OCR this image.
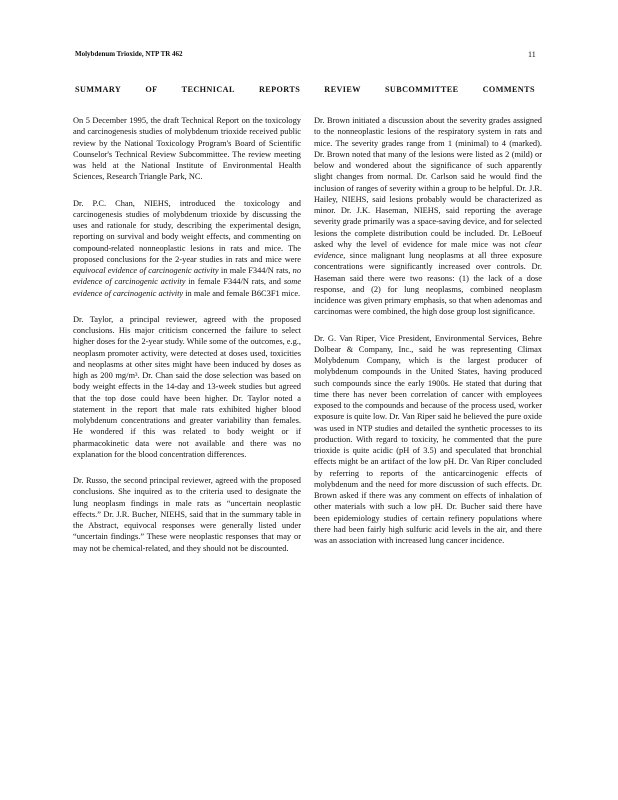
Molybdenum Trioxide, NTP TR 462	11
SUMMARY	OF	TECHNICAL	REPORTS	REVIEW	SUBCOMMITTEE	COMMENTS

On 5 December 1995, the draft Technical Report on the toxicology and carcinogenesis studies of molybdenum trioxide received public review by the National Toxicology Program's Board of Scientific Counselor's Technical Review Subcommittee. The review meeting was held at the National Institute of Environmental Health Sciences, Research Triangle Park, NC.

Dr. P.C. Chan, NIEHS, introduced the toxicology and carcinogenesis studies of molybdenum trioxide by discussing the uses and rationale for study, describing the experimental design, reporting on survival and body weight effects, and commenting on compound-related nonneoplastic lesions in rats and mice. The proposed conclusions for the 2-year studies in rats and mice were equivocal evidence of carcinogenic activity in male F344/N rats, no evidence of carcinogenic activity in female F344/N rats, and some evidence of carcinogenic activity in male and female B6C3F1 mice.

Dr. Taylor, a principal reviewer, agreed with the proposed conclusions. His major criticism concerned the failure to select higher doses for the 2-year study. While some of the outcomes, e.g., neoplasm promoter activity, were detected at doses used, toxicities and neoplasms at other sites might have been induced by doses as high as 200 mg/m³. Dr. Chan said the dose selection was based on body weight effects in the 14-day and 13-week studies but agreed that the top dose could have been higher. Dr. Taylor noted a statement in the report that male rats exhibited higher blood molybdenum concentrations and greater variability than females. He wondered if this was related to body weight or if pharmacokinetic data were not available and there was no explanation for the blood concentration differences.

Dr. Russo, the second principal reviewer, agreed with the proposed conclusions. She inquired as to the criteria used to designate the lung neoplasm findings in male rats as “uncertain neoplastic effects.” Dr. J.R. Bucher, NIEHS, said that in the summary table in the Abstract, equivocal responses were generally listed under “uncertain findings.” These were neoplastic responses that may or may not be chemical-related, and they should not be discounted.

Dr. Brown initiated a discussion about the severity grades assigned to the nonneoplastic lesions of the respiratory system in rats and mice. The severity grades range from 1 (minimal) to 4 (marked). Dr. Brown noted that many of the lesions were listed as 2 (mild) or below and wondered about the significance of such apparently slight changes from normal. Dr. Carlson said he would find the inclusion of ranges of severity within a group to be helpful. Dr. J.R. Hailey, NIEHS, said lesions probably would be characterized as minor. Dr. J.K. Haseman, NIEHS, said reporting the average severity grade primarily was a space-saving device, and for selected lesions the complete distribution could be included. Dr. LeBoeuf asked why the level of evidence for male mice was not clear evidence, since malignant lung neoplasms at all three exposure concentrations were significantly increased over controls. Dr. Haseman said there were two reasons: (1) the lack of a dose response, and (2) for lung neoplasms, combined neoplasm incidence was given primary emphasis, so that when adenomas and carcinomas were combined, the high dose group lost significance.

Dr. G. Van Riper, Vice President, Environmental Services, Behre Dolbear & Company, Inc., said he was representing Climax Molybdenum Company, which is the largest producer of molybdenum compounds in the United States, having produced such compounds since the early 1900s. He stated that during that time there has never been correlation of cancer with employees exposed to the compounds and because of the process used, worker exposure is quite low. Dr. Van Riper said he believed the pure oxide was used in NTP studies and detailed the synthetic processes to its production. With regard to toxicity, he commented that the pure trioxide is quite acidic (pH of 3.5) and speculated that bronchial effects might be an artifact of the low pH. Dr. Van Riper concluded by referring to reports of the anticarcinogenic effects of molybdenum and the need for more discussion of such effects. Dr. Brown asked if there was any comment on effects of inhalation of other materials with such a low pH. Dr. Bucher said there have been epidemiology studies of certain refinery populations where there had been fairly high sulfuric acid levels in the air, and there was an association with increased lung cancer incidence.
